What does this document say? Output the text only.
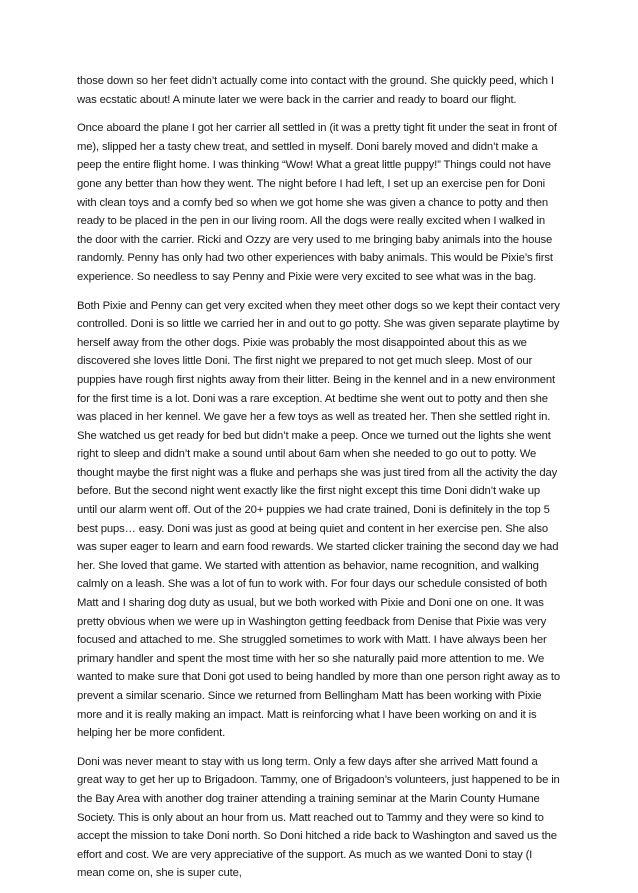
those down so her feet didn’t actually come into contact with the ground. She quickly peed, which I was ecstatic about! A minute later we were back in the carrier and ready to board our flight.

Once aboard the plane I got her carrier all settled in (it was a pretty tight fit under the seat in front of me), slipped her a tasty chew treat, and settled in myself. Doni barely moved and didn’t make a peep the entire flight home. I was thinking “Wow! What a great little puppy!” Things could not have gone any better than how they went. The night before I had left, I set up an exercise pen for Doni with clean toys and a comfy bed so when we got home she was given a chance to potty and then ready to be placed in the pen in our living room. All the dogs were really excited when I walked in the door with the carrier. Ricki and Ozzy are very used to me bringing baby animals into the house randomly. Penny has only had two other experiences with baby animals. This would be Pixie’s first experience. So needless to say Penny and Pixie were very excited to see what was in the bag.

Both Pixie and Penny can get very excited when they meet other dogs so we kept their contact very controlled. Doni is so little we carried her in and out to go potty. She was given separate playtime by herself away from the other dogs. Pixie was probably the most disappointed about this as we discovered she loves little Doni. The first night we prepared to not get much sleep. Most of our puppies have rough first nights away from their litter. Being in the kennel and in a new environment for the first time is a lot. Doni was a rare exception. At bedtime she went out to potty and then she was placed in her kennel. We gave her a few toys as well as treated her. Then she settled right in. She watched us get ready for bed but didn’t make a peep. Once we turned out the lights she went right to sleep and didn’t make a sound until about 6am when she needed to go out to potty. We thought maybe the first night was a fluke and perhaps she was just tired from all the activity the day before. But the second night went exactly like the first night except this time Doni didn’t wake up until our alarm went off. Out of the 20+ puppies we had crate trained, Doni is definitely in the top 5 best pups… easy. Doni was just as good at being quiet and content in her exercise pen. She also was super eager to learn and earn food rewards. We started clicker training the second day we had her. She loved that game. We started with attention as behavior, name recognition, and walking calmly on a leash. She was a lot of fun to work with. For four days our schedule consisted of both Matt and I sharing dog duty as usual, but we both worked with Pixie and Doni one on one. It was pretty obvious when we were up in Washington getting feedback from Denise that Pixie was very focused and attached to me. She struggled sometimes to work with Matt. I have always been her primary handler and spent the most time with her so she naturally paid more attention to me. We wanted to make sure that Doni got used to being handled by more than one person right away as to prevent a similar scenario. Since we returned from Bellingham Matt has been working with Pixie more and it is really making an impact. Matt is reinforcing what I have been working on and it is helping her be more confident.

Doni was never meant to stay with us long term. Only a few days after she arrived Matt found a great way to get her up to Brigadoon. Tammy, one of Brigadoon’s volunteers, just happened to be in the Bay Area with another dog trainer attending a training seminar at the Marin County Humane Society. This is only about an hour from us. Matt reached out to Tammy and they were so kind to accept the mission to take Doni north. So Doni hitched a ride back to Washington and saved us the effort and cost. We are very appreciative of the support. As much as we wanted Doni to stay (I mean come on, she is super cute,
